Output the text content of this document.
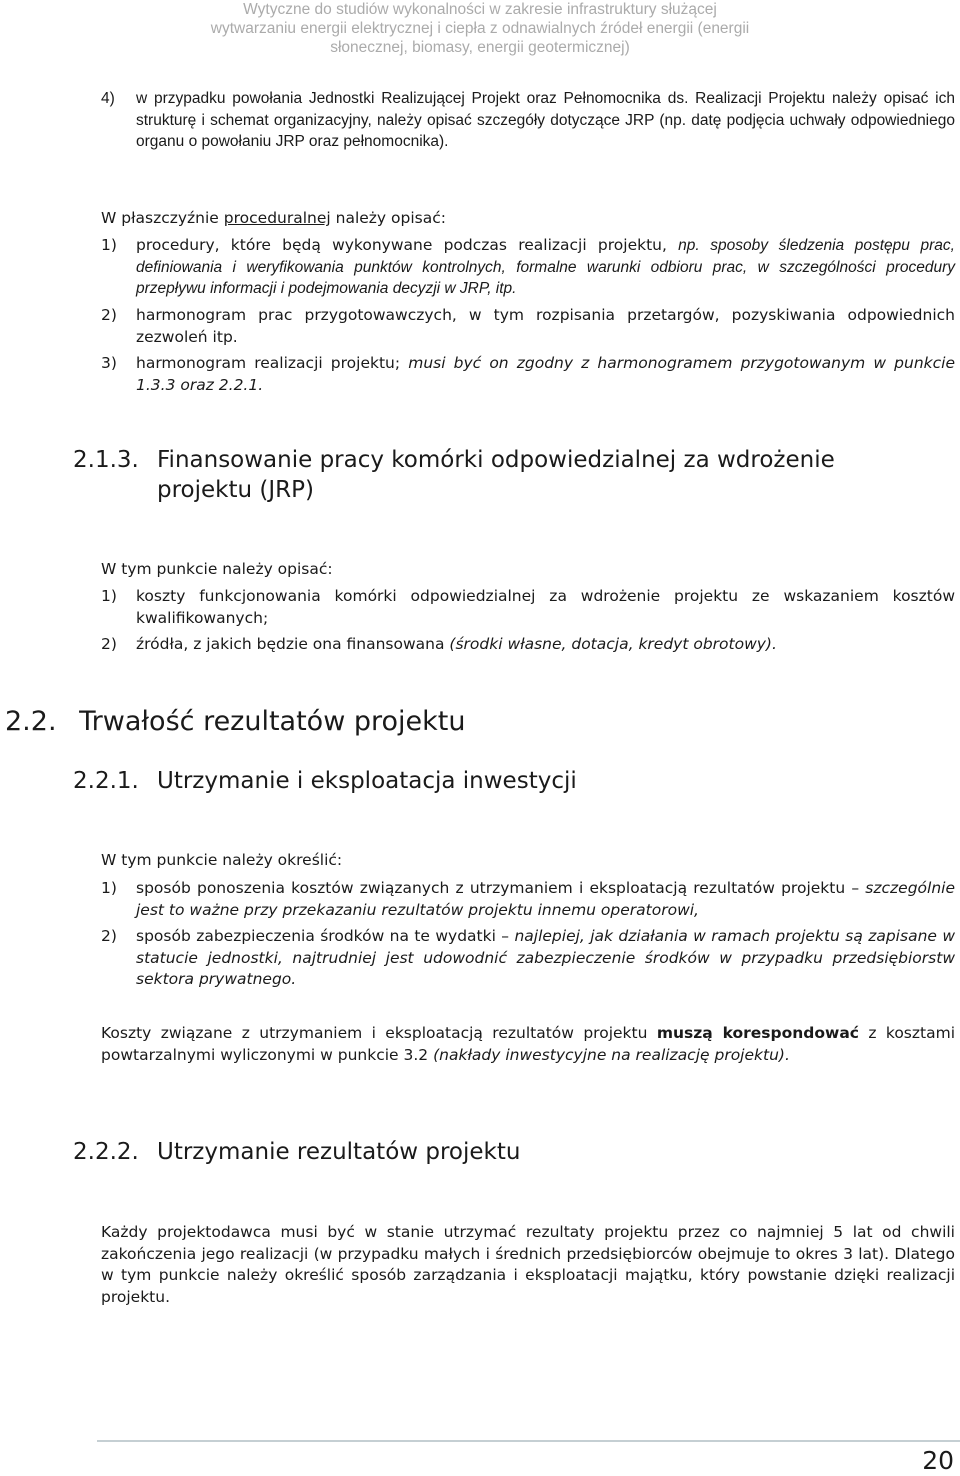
Wytyczne do studiów wykonalności w zakresie infrastruktury służącej
wytwarzaniu energii elektrycznej i ciepła z odnawialnych źródeł energii (energii
słonecznej, biomasy, energii geotermicznej)
4) w przypadku powołania Jednostki Realizującej Projekt oraz Pełnomocnika ds. Realizacji Projektu należy opisać ich strukturę i schemat organizacyjny, należy opisać szczegóły dotyczące JRP (np. datę podjęcia uchwały odpowiedniego organu o powołaniu JRP oraz pełnomocnika).

W płaszczyźnie proceduralnej należy opisać:

1) procedury, które będą wykonywane podczas realizacji projektu, np. sposoby śledzenia postępu prac, definiowania i weryfikowania punktów kontrolnych, formalne warunki odbioru prac, w szczególności procedury przepływu informacji i podejmowania decyzji w JRP, itp.
2) harmonogram prac przygotowawczych, w tym rozpisania przetargów, pozyskiwania odpowiednich zezwoleń itp.
3) harmonogram realizacji projektu; musi być on zgodny z harmonogramem przygotowanym w punkcie 1.3.3 oraz 2.2.1.
2.1.3. Finansowanie pracy komórki odpowiedzialnej za wdrożenie projektu (JRP)

W tym punkcie należy opisać:

1) koszty funkcjonowania komórki odpowiedzialnej za wdrożenie projektu ze wskazaniem kosztów kwalifikowanych;
2) źródła, z jakich będzie ona finansowana (środki własne, dotacja, kredyt obrotowy).
2.2. Trwałość rezultatów projektu
2.2.1. Utrzymanie i eksploatacja inwestycji

W tym punkcie należy określić:

1) sposób ponoszenia kosztów związanych z utrzymaniem i eksploatacją rezultatów projektu – szczególnie jest to ważne przy przekazaniu rezultatów projektu innemu operatorowi,
2) sposób zabezpieczenia środków na te wydatki – najlepiej, jak działania w ramach projektu są zapisane w statucie jednostki, najtrudniej jest udowodnić zabezpieczenie środków w przypadku przedsiębiorstw sektora prywatnego.

Koszty związane z utrzymaniem i eksploatacją rezultatów projektu muszą korespondować z kosztami powtarzalnymi wyliczonymi w punkcie 3.2 (nakłady inwestycyjne na realizację projektu).

2.2.2. Utrzymanie rezultatów projektu

Każdy projektodawca musi być w stanie utrzymać rezultaty projektu przez co najmniej 5 lat od chwili zakończenia jego realizacji (w przypadku małych i średnich przedsiębiorców obejmuje to okres 3 lat). Dlatego w tym punkcie należy określić sposób zarządzania i eksploatacji majątku, który powstanie dzięki realizacji projektu.

20
